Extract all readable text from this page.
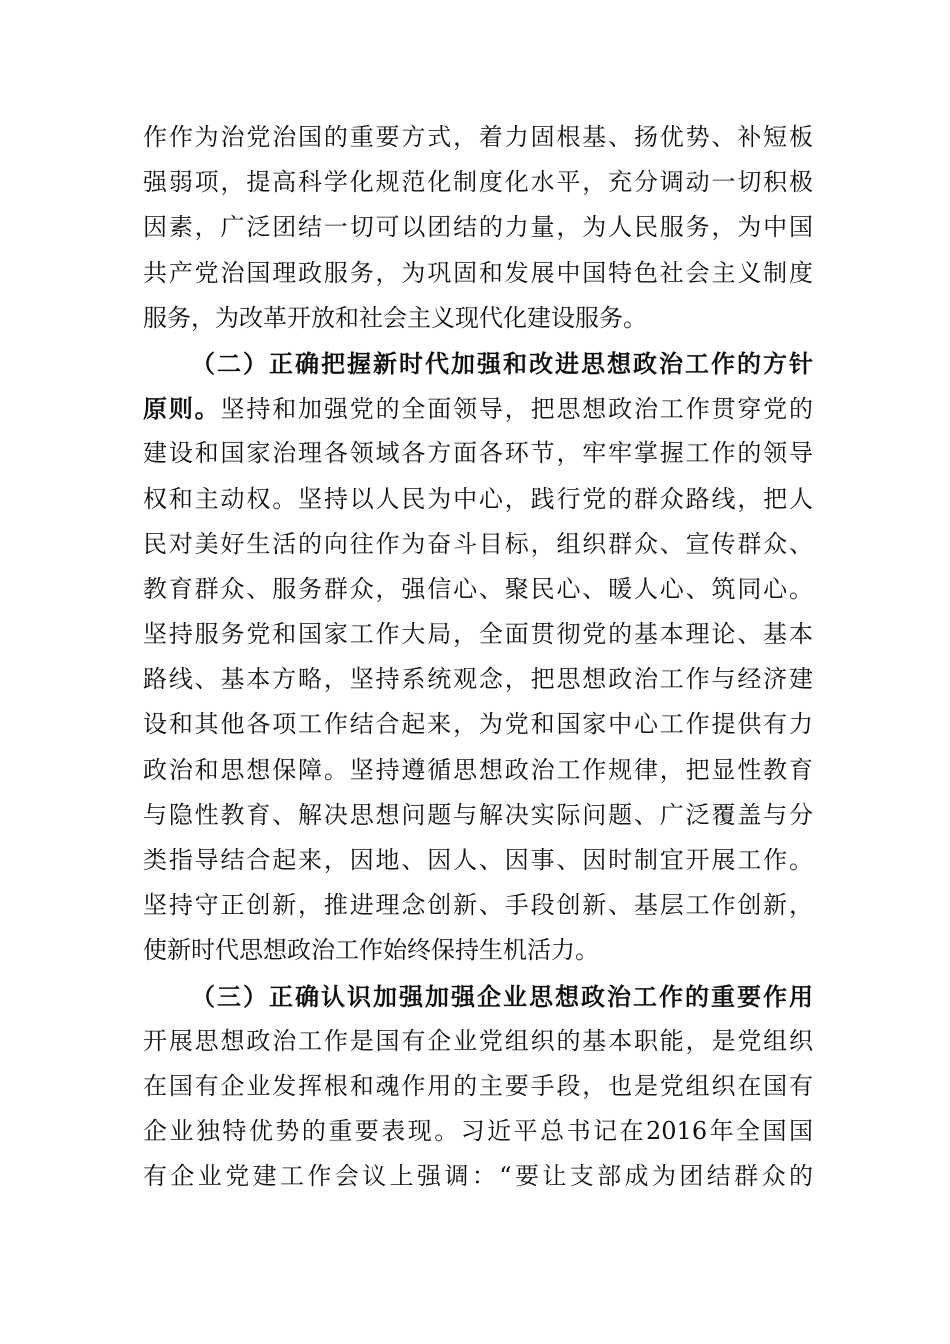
作作为治党治国的重要方式，着力固根基、扬优势、补短板
强弱项，提高科学化规范化制度化水平，充分调动一切积极
因素，广泛团结一切可以团结的力量，为人民服务，为中国
共产党治国理政服务，为巩固和发展中国特色社会主义制度
服务，为改革开放和社会主义现代化建设服务。
（二）正确把握新时代加强和改进思想政治工作的方针
原则。坚持和加强党的全面领导，把思想政治工作贯穿党的
建设和国家治理各领域各方面各环节，牢牢掌握工作的领导
权和主动权。坚持以人民为中心，践行党的群众路线，把人
民对美好生活的向往作为奋斗目标，组织群众、宣传群众、
教育群众、服务群众，强信心、聚民心、暖人心、筑同心。
坚持服务党和国家工作大局，全面贯彻党的基本理论、基本
路线、基本方略，坚持系统观念，把思想政治工作与经济建
设和其他各项工作结合起来，为党和国家中心工作提供有力
政治和思想保障。坚持遵循思想政治工作规律，把显性教育
与隐性教育、解决思想问题与解决实际问题、广泛覆盖与分
类指导结合起来，因地、因人、因事、因时制宜开展工作。
坚持守正创新，推进理念创新、手段创新、基层工作创新，
使新时代思想政治工作始终保持生机活力。
（三）正确认识加强加强企业思想政治工作的重要作用
开展思想政治工作是国有企业党组织的基本职能，是党组织
在国有企业发挥根和魂作用的主要手段，也是党组织在国有
企业独特优势的重要表现。习近平总书记在2016年全国国
有企业党建工作会议上强调：“要让支部成为团结群众的
